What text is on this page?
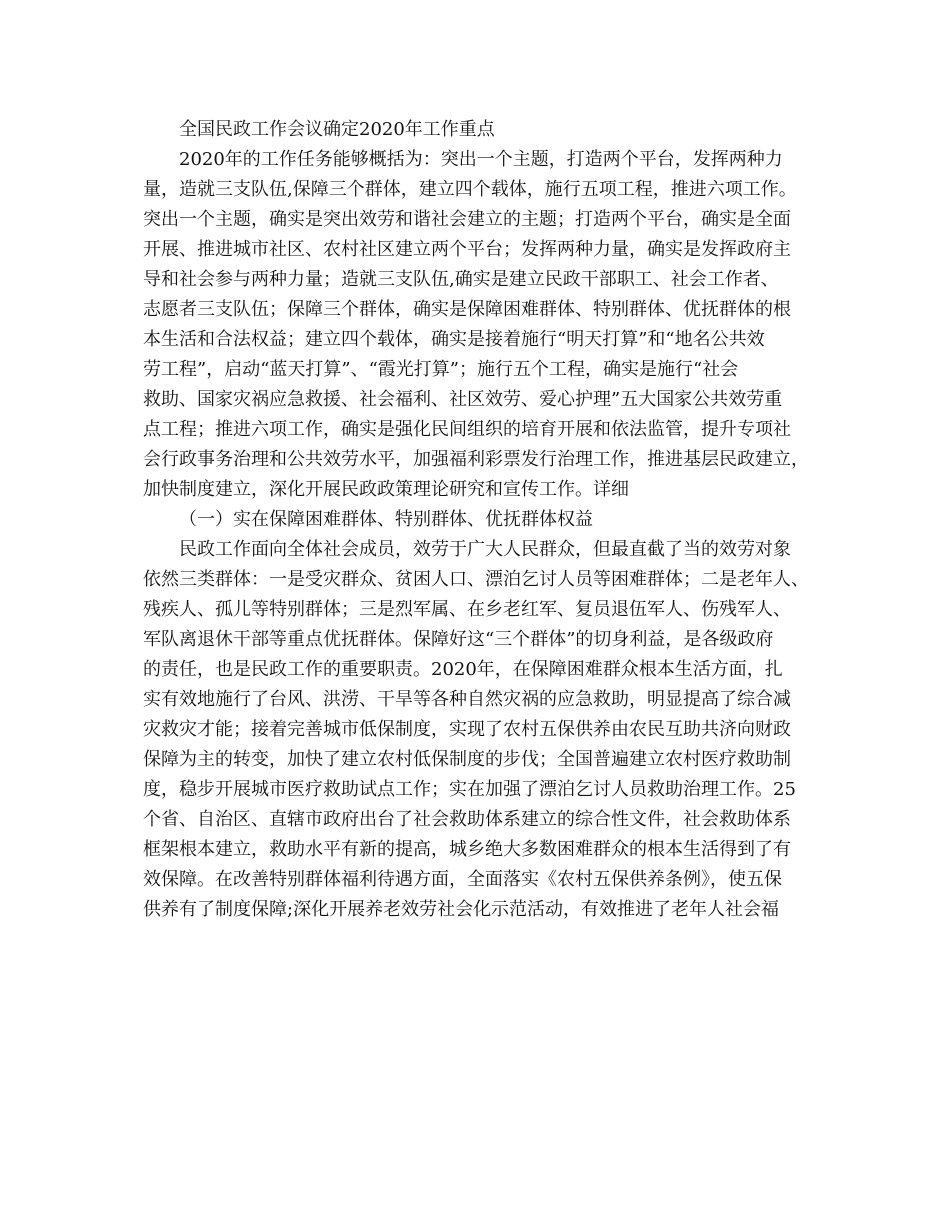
全国民政工作会议确定2020年工作重点
2020年的工作任务能够概括为：突出一个主题，打造两个平台，发挥两种力
量，造就三支队伍,保障三个群体，建立四个载体，施行五项工程，推进六项工作。
突出一个主题，确实是突出效劳和谐社会建立的主题；打造两个平台，确实是全面
开展、推进城市社区、农村社区建立两个平台；发挥两种力量，确实是发挥政府主
导和社会参与两种力量；造就三支队伍,确实是建立民政干部职工、社会工作者、
志愿者三支队伍；保障三个群体，确实是保障困难群体、特别群体、优抚群体的根
本生活和合法权益；建立四个载体，确实是接着施行“明天打算”和“地名公共效
劳工程”，启动“蓝天打算”、“霞光打算”；施行五个工程，确实是施行“社会
救助、国家灾祸应急救援、社会福利、社区效劳、爱心护理”五大国家公共效劳重
点工程；推进六项工作，确实是强化民间组织的培育开展和依法监管，提升专项社
会行政事务治理和公共效劳水平，加强福利彩票发行治理工作，推进基层民政建立，
加快制度建立，深化开展民政政策理论研究和宣传工作。详细
（一）实在保障困难群体、特别群体、优抚群体权益
民政工作面向全体社会成员，效劳于广大人民群众，但最直截了当的效劳对象
依然三类群体：一是受灾群众、贫困人口、漂泊乞讨人员等困难群体；二是老年人、
残疾人、孤儿等特别群体；三是烈军属、在乡老红军、复员退伍军人、伤残军人、
军队离退休干部等重点优抚群体。保障好这“三个群体”的切身利益，是各级政府
的责任，也是民政工作的重要职责。2020年，在保障困难群众根本生活方面，扎
实有效地施行了台风、洪涝、干旱等各种自然灾祸的应急救助，明显提高了综合减
灾救灾才能；接着完善城市低保制度，实现了农村五保供养由农民互助共济向财政
保障为主的转变，加快了建立农村低保制度的步伐；全国普遍建立农村医疗救助制
度，稳步开展城市医疗救助试点工作；实在加强了漂泊乞讨人员救助治理工作。25
个省、自治区、直辖市政府出台了社会救助体系建立的综合性文件，社会救助体系
框架根本建立，救助水平有新的提高，城乡绝大多数困难群众的根本生活得到了有
效保障。在改善特别群体福利待遇方面，全面落实《农村五保供养条例》，使五保
供养有了制度保障;深化开展养老效劳社会化示范活动，有效推进了老年人社会福
